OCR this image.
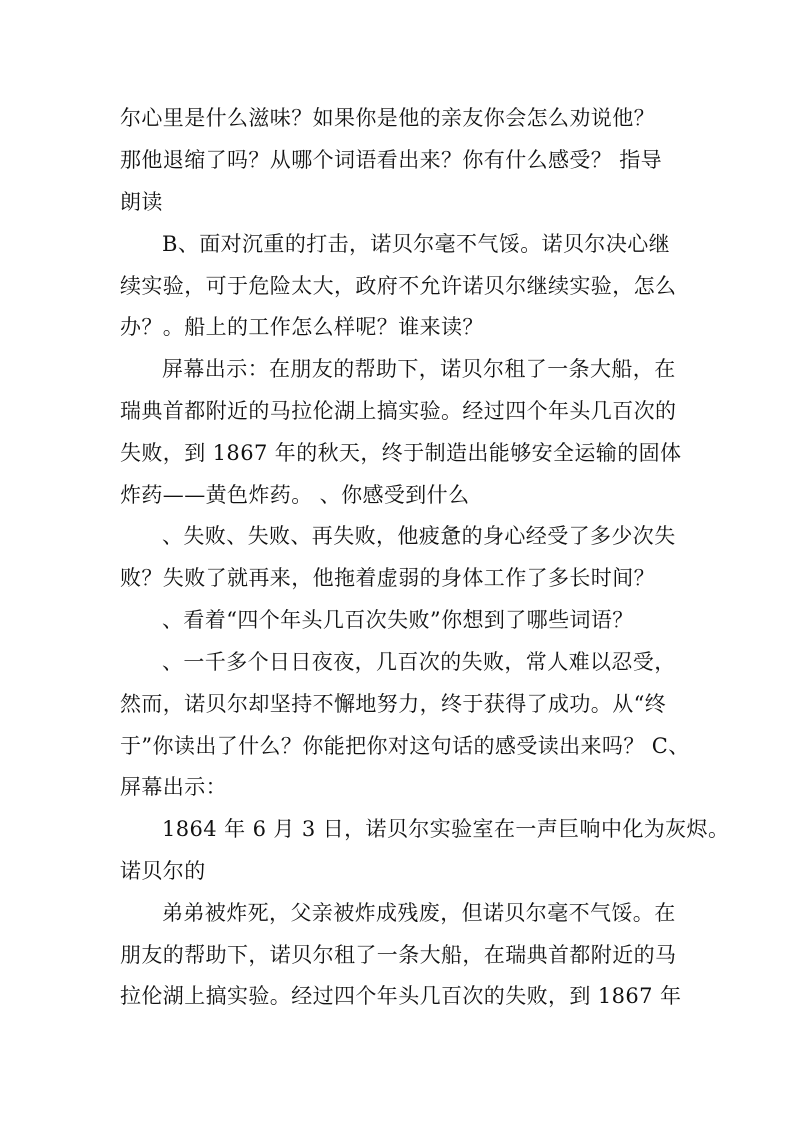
尔心里是什么滋味？如果你是他的亲友你会怎么劝说他？
那他退缩了吗？从哪个词语看出来？你有什么感受？ 指导
朗读
B、面对沉重的打击，诺贝尔毫不气馁。诺贝尔决心继
续实验，可于危险太大，政府不允许诺贝尔继续实验，怎么
办？。船上的工作怎么样呢？谁来读？
屏幕出示：在朋友的帮助下，诺贝尔租了一条大船，在
瑞典首都附近的马拉伦湖上搞实验。经过四个年头几百次的
失败，到 1867 年的秋天，终于制造出能够安全运输的固体
炸药——黄色炸药。 、你感受到什么
、失败、失败、再失败，他疲惫的身心经受了多少次失
败？失败了就再来，他拖着虚弱的身体工作了多长时间？
、看着“四个年头几百次失败”你想到了哪些词语？
、一千多个日日夜夜，几百次的失败，常人难以忍受，
然而，诺贝尔却坚持不懈地努力，终于获得了成功。从“终
于”你读出了什么？你能把你对这句话的感受读出来吗？ C、
屏幕出示：
1864 年 6 月 3 日，诺贝尔实验室在一声巨响中化为灰烬。
诺贝尔的
弟弟被炸死，父亲被炸成残废，但诺贝尔毫不气馁。在
朋友的帮助下，诺贝尔租了一条大船，在瑞典首都附近的马
拉伦湖上搞实验。经过四个年头几百次的失败，到 1867 年
